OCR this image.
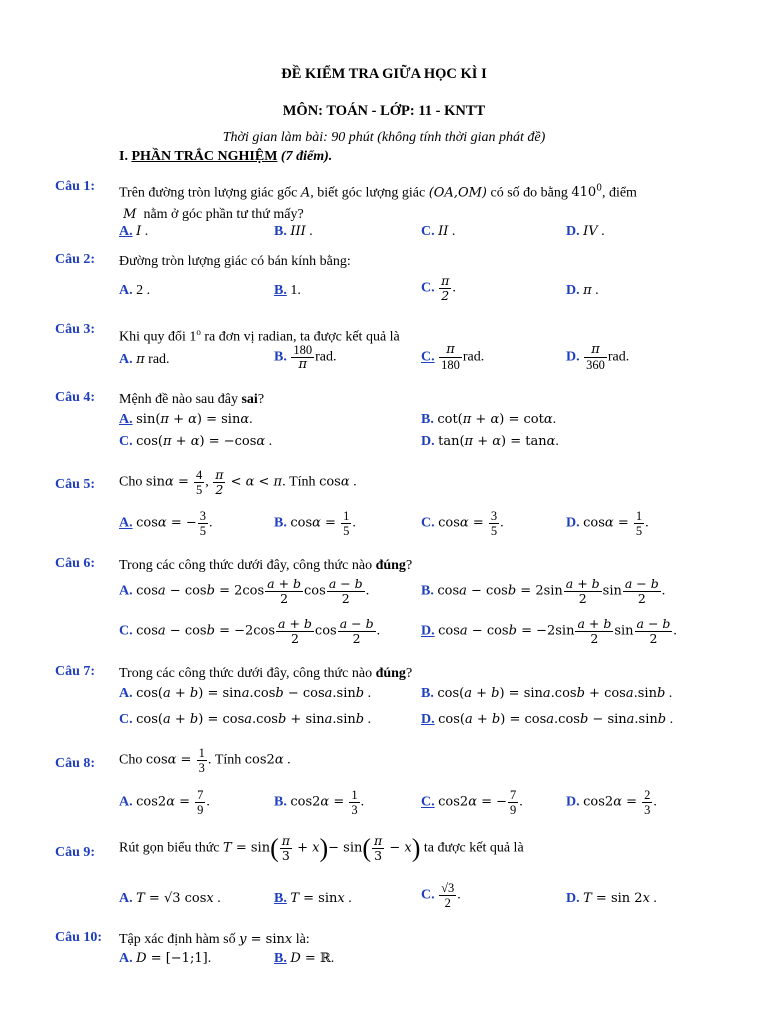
ĐỀ KIỂM TRA GIỮA HỌC KÌ I
MÔN: TOÁN - LỚP: 11 - KNTT
Thời gian làm bài: 90 phút (không tính thời gian phát đề)
I. PHẦN TRẮC NGHIỆM (7 điểm).
Câu 1: Trên đường tròn lượng giác gốc A, biết góc lượng giác (OA,OM) có số đo bằng $410^0$, điểm
M nằm ở góc phần tư thứ mấy?
A. I .	B. III .	C. II .	D. IV .
Câu 2: Đường tròn lượng giác có bán kính bằng:
A. 2 .	B. 1.	C. $\frac{\pi}{2}$ .	D. π .
Câu 3:
Khi quy đổi 1$^o$ ra đơn vị radian, ta được kết quả là
A. π rad.	B. $\frac{180}{\pi}$ rad.	C. $\frac{\pi}{180}$ rad.	D. $\frac{\pi}{360}$ rad.
Câu 4: Mệnh đề nào sau đây sai?
A. sin(π + α) = sinα.	B. cot(π + α) = cotα.
C. cos(π + α) = −cosα .	D. tan(π + α) = tanα.
Câu 5: Cho $\sin\alpha = \frac{4}{5}$ , $\frac{\pi}{2} < \alpha < \pi$. Tính cosα .
A. cosα = − $\frac{3}{5}$ .	B. $\cos\alpha = \frac{1}{5}$ .	C. $\cos\alpha = \frac{3}{5}$ .	D. $\cos\alpha = \frac{1}{5}$ .
Câu 6: Trong các công thức dưới đây, công thức nào đúng?
A. $\cos a - \cos b = 2\cos \frac{a + b}{2}$ $\cos \frac{a - b}{2}$ .	B. $\cos a - \cos b = 2\sin \frac{a + b}{2}$ $\sin \frac{a - b}{2}$ .
C. $\cos a - \cos b = -2\cos \frac{a + b}{2}$ $\cos \frac{a - b}{2}$ .	D. $\cos a - \cos b = -2\sin \frac{a + b}{2}$ $\sin \frac{a - b}{2}$ .
Câu 7: Trong các công thức dưới đây, công thức nào đúng?
A. cos(a + b) = sina.cosb − cosa.sinb .	B. cos(a + b) = sina.cosb + cosa.sinb .
C. cos(a + b) = cosa.cosb + sina.sinb .	D. cos(a + b) = cosa.cosb − sina.sinb .
Câu 8: Cho $\cos\alpha = \frac{1}{3}$ . Tính cos2α .
A. $\cos 2\alpha = \frac{7}{9}$ .	B. $\cos 2\alpha = \frac{1}{3}$ .	C. cos2α = − $\frac{7}{9}$ .	D. $\cos 2\alpha = \frac{2}{3}$ .
Câu 9: Rút gọn biểu thức $T = \sin( \frac{\pi}{3} + x)- \sin( \frac{\pi}{3} - x)$ ta được kết quả là
A. T = √3 cosx .	B. T = sinx .	C. $\frac{√3}{2}$ .	D. T = sin 2x .
Câu 10: Tập xác định hàm số y = sinx là:
A. D = [−1;1].	B. D = ℝ.
